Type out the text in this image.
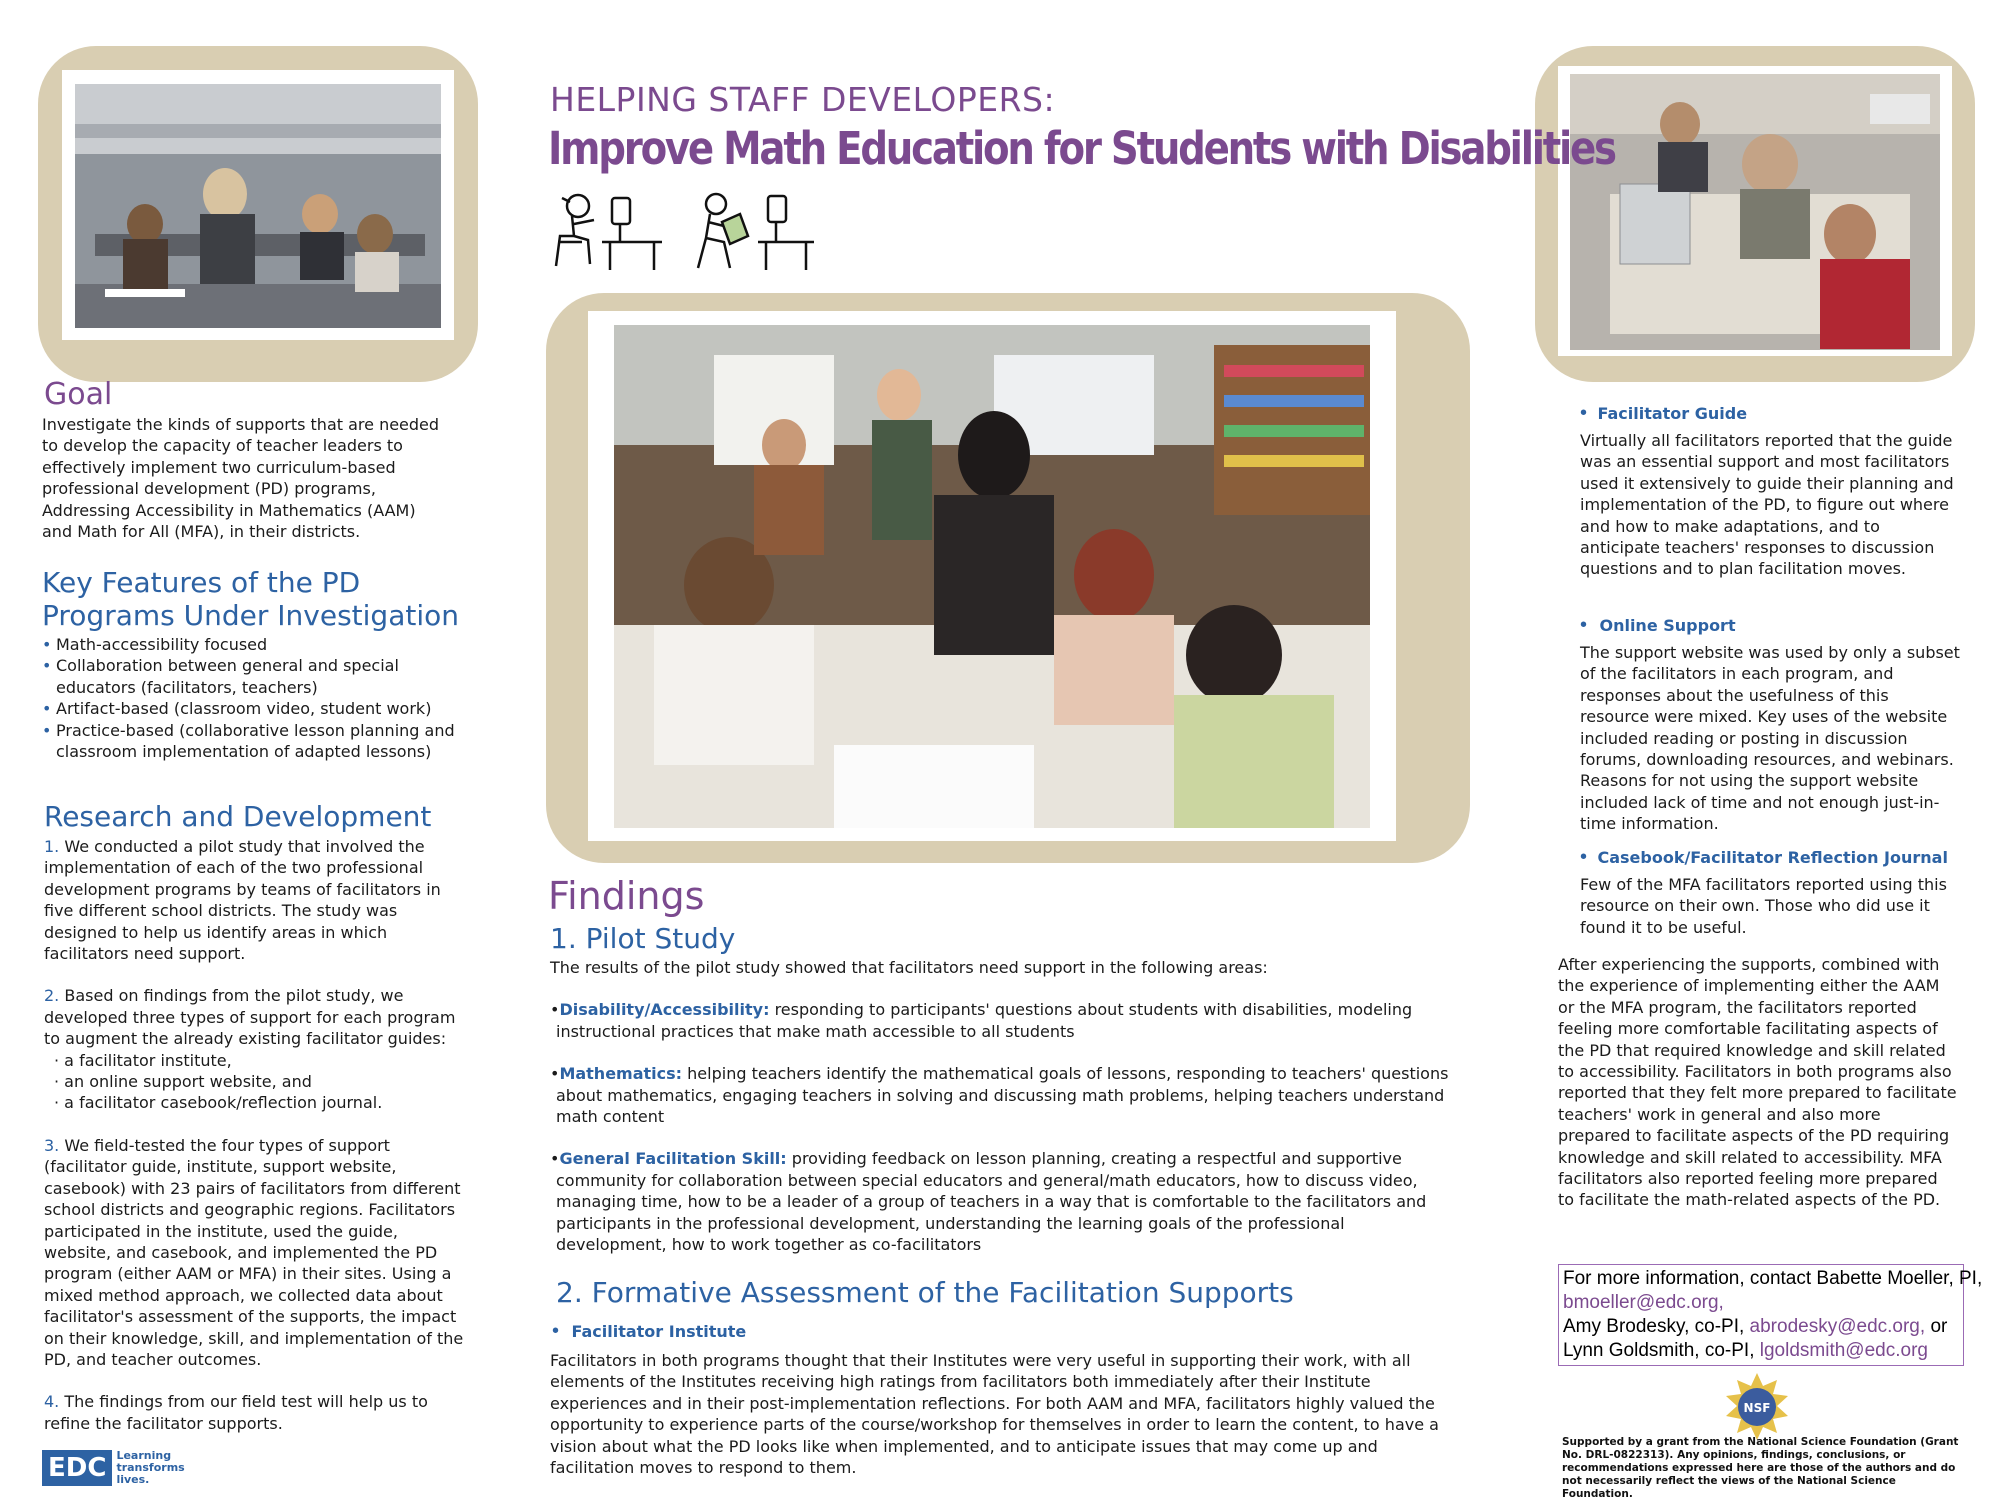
HELPING STAFF DEVELOPERS:
Improve Math Education for Students with Disabilities
Goal

Investigate the kinds of supports that are needed to develop the capacity of teacher leaders to effectively implement two curriculum-based professional development (PD) programs, Addressing Accessibility in Mathematics (AAM) and Math for All (MFA), in their districts.

Key Features of the PD
Programs Under Investigation
• Math-accessibility focused
• Collaboration between general and special educators (facilitators, teachers)
• Artifact-based (classroom video, student work)
• Practice-based (collaborative lesson planning and classroom implementation of adapted lessons)
Research and Development

1. We conducted a pilot study that involved the implementation of each of the two professional development programs by teams of facilitators in five different school districts. The study was designed to help us identify areas in which facilitators need support.

2. Based on findings from the pilot study, we developed three types of support for each program to augment the already existing facilitator guides:

· a facilitator institute,

· an online support website, and

· a facilitator casebook/reflection journal.

3. We field-tested the four types of support (facilitator guide, institute, support website, casebook) with 23 pairs of facilitators from different school districts and geographic regions. Facilitators participated in the institute, used the guide, website, and casebook, and implemented the PD program (either AAM or MFA) in their sites. Using a mixed method approach, we collected data about facilitator's assessment of the supports, the impact on their knowledge, skill, and implementation of the PD, and teacher outcomes.

4. The findings from our field test will help us to refine the facilitator supports.

EDC Learning
transforms
lives.
Findings
1. Pilot Study

The results of the pilot study showed that facilitators need support in the following areas:

•Disability/Accessibility: responding to participants' questions about students with disabilities, modeling instructional practices that make math accessible to all students

•Mathematics: helping teachers identify the mathematical goals of lessons, responding to teachers' questions about mathematics, engaging teachers in solving and discussing math problems, helping teachers understand math content

•General Facilitation Skill: providing feedback on lesson planning, creating a respectful and supportive community for collaboration between special educators and general/math educators, how to discuss video, managing time, how to be a leader of a group of teachers in a way that is comfortable to the facilitators and participants in the professional development, understanding the learning goals of the professional development, how to work together as co-facilitators

2. Formative Assessment of the Facilitation Supports
• Facilitator Institute

Facilitators in both programs thought that their Institutes were very useful in supporting their work, with all elements of the Institutes receiving high ratings from facilitators both immediately after their Institute experiences and in their post-implementation reflections. For both AAM and MFA, facilitators highly valued the opportunity to experience parts of the course/workshop for themselves in order to learn the content, to have a vision about what the PD looks like when implemented, and to anticipate issues that may come up and facilitation moves to respond to them.

• Facilitator Guide

Virtually all facilitators reported that the guide was an essential support and most facilitators used it extensively to guide their planning and implementation of the PD, to figure out where and how to make adaptations, and to anticipate teachers' responses to discussion questions and to plan facilitation moves.

• Online Support

The support website was used by only a subset of the facilitators in each program, and responses about the usefulness of this resource were mixed. Key uses of the website included reading or posting in discussion forums, downloading resources, and webinars. Reasons for not using the support website included lack of time and not enough just-in-time information.

• Casebook/Facilitator Reflection Journal

Few of the MFA facilitators reported using this resource on their own. Those who did use it found it to be useful.

After experiencing the supports, combined with the experience of implementing either the AAM or the MFA program, the facilitators reported feeling more comfortable facilitating aspects of the PD that required knowledge and skill related to accessibility. Facilitators in both programs also reported that they felt more prepared to facilitate teachers' work in general and also more prepared to facilitate aspects of the PD requiring knowledge and skill related to accessibility. MFA facilitators also reported feeling more prepared to facilitate the math-related aspects of the PD.

For more information, contact Babette Moeller, PI,
bmoeller@edc.org,
Amy Brodesky, co-PI, abrodesky@edc.org, or
Lynn Goldsmith, co-PI, lgoldsmith@edc.org
NSF
Supported by a grant from the National Science Foundation (Grant No. DRL-0822313). Any opinions, findings, conclusions, or recommendations expressed here are those of the authors and do not necessarily reflect the views of the National Science Foundation.
